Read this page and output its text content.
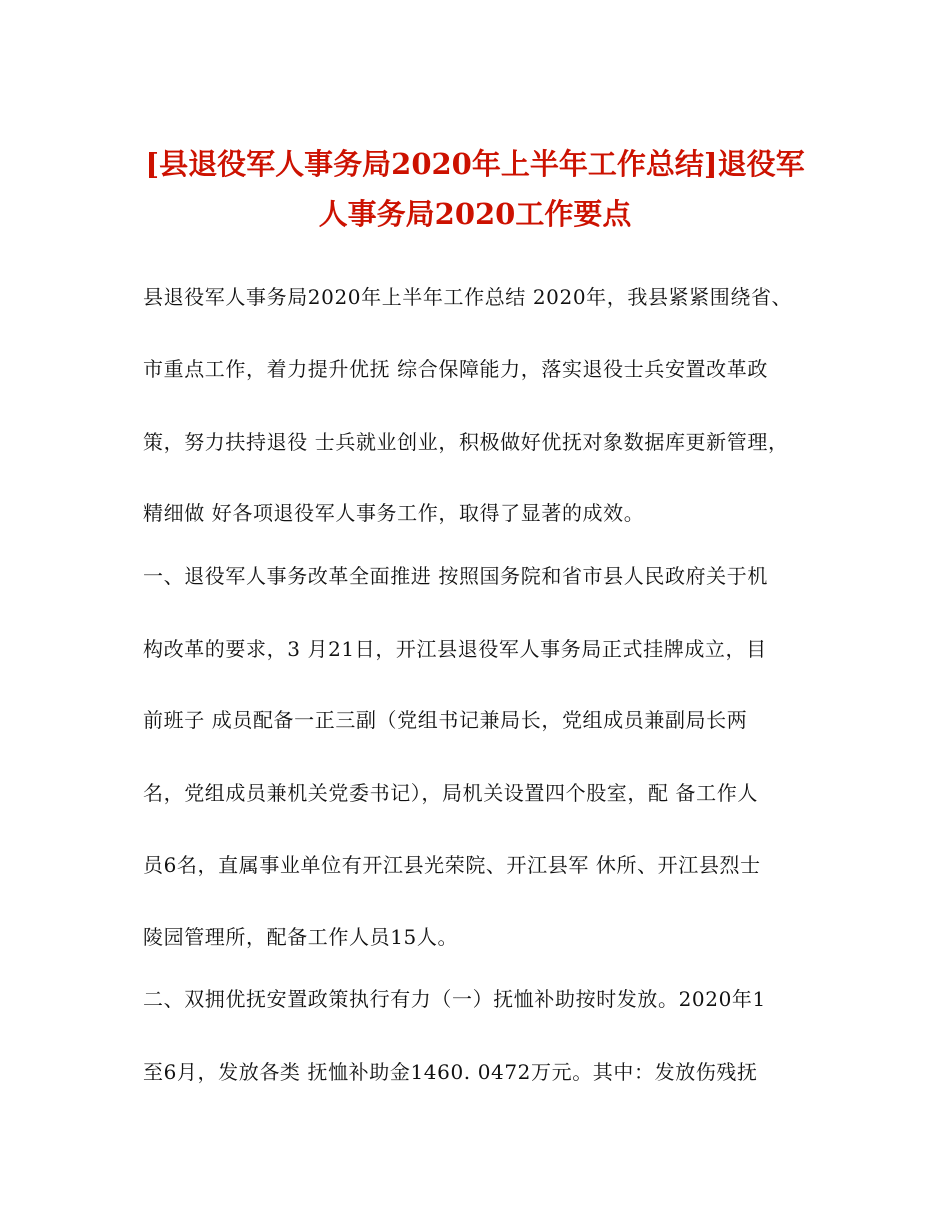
[县退役军人事务局2020年上半年工作总结]退役军
人事务局2020工作要点
县退役军人事务局2020年上半年工作总结 2020年，我县紧紧围绕省、
市重点工作，着力提升优抚 综合保障能力，落实退役士兵安置改革政
策，努力扶持退役 士兵就业创业，积极做好优抚对象数据库更新管理，
精细做 好各项退役军人事务工作，取得了显著的成效。
一、退役军人事务改革全面推进 按照国务院和省市县人民政府关于机
构改革的要求，3 月21日，开江县退役军人事务局正式挂牌成立，目
前班子 成员配备一正三副（党组书记兼局长，党组成员兼副局长两
名，党组成员兼机关党委书记），局机关设置四个股室，配 备工作人
员6名，直属事业单位有开江县光荣院、开江县军 休所、开江县烈士
陵园管理所，配备工作人员15人。
二、双拥优抚安置政策执行有力（一）抚恤补助按时发放。2020年1
至6月，发放各类 抚恤补助金1460. 0472万元。其中：发放伤残抚
